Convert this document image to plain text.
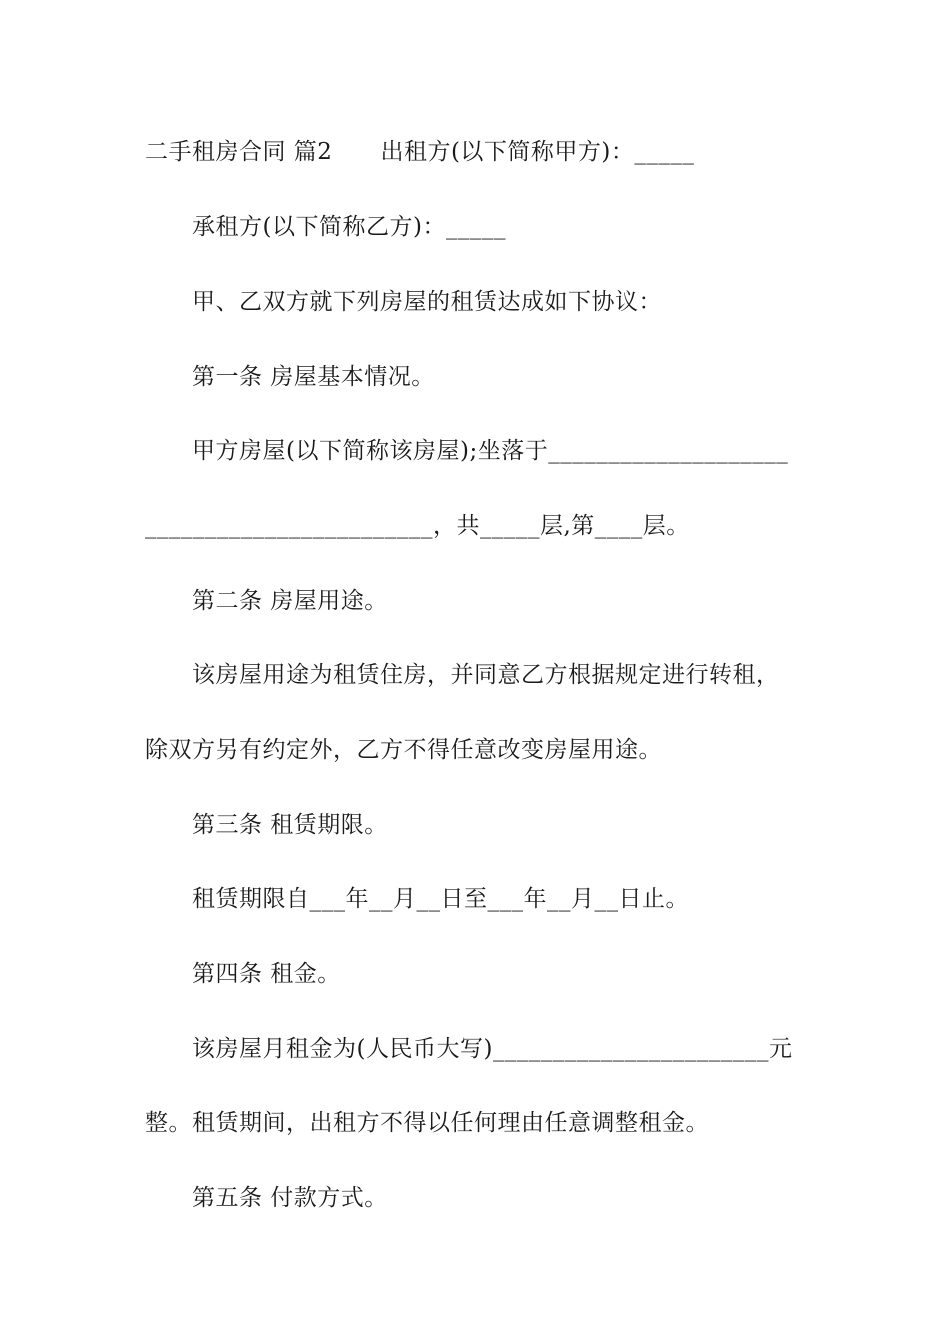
二手租房合同 篇2 出租方(以下简称甲方)：_____
承租方(以下简称乙方)：_____
甲、乙双方就下列房屋的租赁达成如下协议：
第一条 房屋基本情况。
甲方房屋(以下简称该房屋);坐落于____________________
________________________，共_____层,第____层。
第二条 房屋用途。
该房屋用途为租赁住房，并同意乙方根据规定进行转租，
除双方另有约定外，乙方不得任意改变房屋用途。
第三条 租赁期限。
租赁期限自___年__月__日至___年__月__日止。
第四条 租金。
该房屋月租金为(人民币大写)_______________________元
整。租赁期间，出租方不得以任何理由任意调整租金。
第五条 付款方式。
